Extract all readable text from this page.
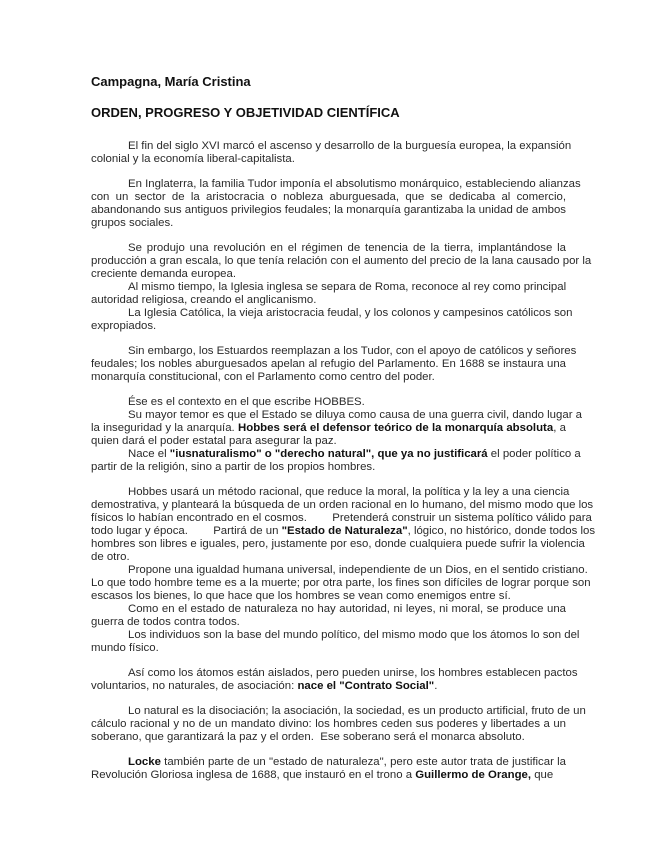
Campagna, María Cristina
ORDEN, PROGRESO Y OBJETIVIDAD CIENTÍFICA
El fin del siglo XVI marcó el ascenso y desarrollo de la burguesía europea, la expansión
colonial y la economía liberal-capitalista.
En Inglaterra, la familia Tudor imponía el absolutismo monárquico, estableciendo alianzas
con un sector de la aristocracia o nobleza aburguesada, que se dedicaba al comercio,
abandonando sus antiguos privilegios feudales; la monarquía garantizaba la unidad de ambos
grupos sociales.
Se produjo una revolución en el régimen de tenencia de la tierra, implantándose la
producción a gran escala, lo que tenía relación con el aumento del precio de la lana causado por la
creciente demanda europea.
Al mismo tiempo, la Iglesia inglesa se separa de Roma, reconoce al rey como principal
autoridad religiosa, creando el anglicanismo.
La Iglesia Católica, la vieja aristocracia feudal, y los colonos y campesinos católicos son
expropiados.
Sin embargo, los Estuardos reemplazan a los Tudor, con el apoyo de católicos y señores
feudales; los nobles aburguesados apelan al refugio del Parlamento. En 1688 se instaura una
monarquía constitucional, con el Parlamento como centro del poder.
Ése es el contexto en el que escribe HOBBES.
Su mayor temor es que el Estado se diluya como causa de una guerra civil, dando lugar a
la inseguridad y la anarquía. Hobbes será el defensor teórico de la monarquía absoluta, a
quien dará el poder estatal para asegurar la paz.
Nace el "iusnaturalismo" o "derecho natural", que ya no justificará el poder político a
partir de la religión, sino a partir de los propios hombres.
Hobbes usará un método racional, que reduce la moral, la política y la ley a una ciencia
demostrativa, y planteará la búsqueda de un orden racional en lo humano, del mismo modo que los
físicos lo habían encontrado en el cosmos.        Pretenderá construir un sistema político válido para
todo lugar y época.        Partirá de un "Estado de Naturaleza", lógico, no histórico, donde todos los
hombres son libres e iguales, pero, justamente por eso, donde cualquiera puede sufrir la violencia
de otro.
Propone una igualdad humana universal, independiente de un Dios, en el sentido cristiano.
Lo que todo hombre teme es a la muerte; por otra parte, los fines son difíciles de lograr porque son
escasos los bienes, lo que hace que los hombres se vean como enemigos entre sí.
Como en el estado de naturaleza no hay autoridad, ni leyes, ni moral, se produce una
guerra de todos contra todos.
Los individuos son la base del mundo político, del mismo modo que los átomos lo son del
mundo físico.
Así como los átomos están aislados, pero pueden unirse, los hombres establecen pactos
voluntarios, no naturales, de asociación: nace el "Contrato Social".
Lo natural es la disociación; la asociación, la sociedad, es un producto artificial, fruto de un
cálculo racional y no de un mandato divino: los hombres ceden sus poderes y libertades a un
soberano, que garantizará la paz y el orden.  Ese soberano será el monarca absoluto.
Locke también parte de un "estado de naturaleza", pero este autor trata de justificar la
Revolución Gloriosa inglesa de 1688, que instauró en el trono a Guillermo de Orange, que
